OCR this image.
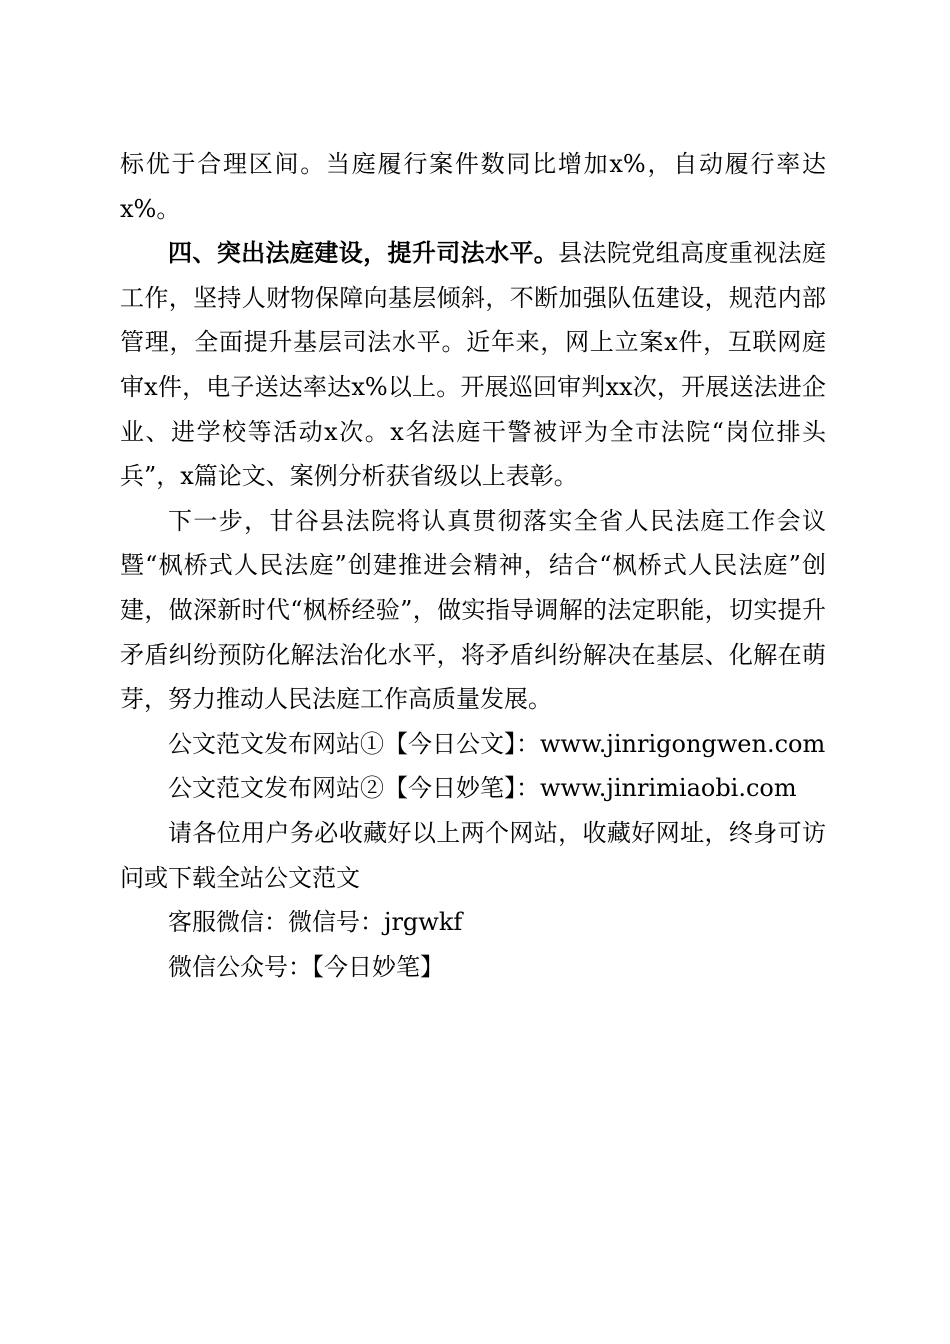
标优于合理区间。当庭履行案件数同比增加x%，自动履行率达x%。

四、突出法庭建设，提升司法水平。县法院党组高度重视法庭工作，坚持人财物保障向基层倾斜，不断加强队伍建设，规范内部管理，全面提升基层司法水平。近年来，网上立案x件，互联网庭审x件，电子送达率达x%以上。开展巡回审判xx次，开展送法进企业、进学校等活动x次。x名法庭干警被评为全市法院“岗位排头兵”，x篇论文、案例分析获省级以上表彰。

下一步，甘谷县法院将认真贯彻落实全省人民法庭工作会议暨“枫桥式人民法庭”创建推进会精神，结合“枫桥式人民法庭”创建，做深新时代“枫桥经验”，做实指导调解的法定职能，切实提升矛盾纠纷预防化解法治化水平，将矛盾纠纷解决在基层、化解在萌芽，努力推动人民法庭工作高质量发展。

公文范文发布网站①【今日公文】：www.jinrigongwen.com

公文范文发布网站②【今日妙笔】：www.jinrimiaobi.com

请各位用户务必收藏好以上两个网站，收藏好网址，终身可访问或下载全站公文范文

客服微信：微信号：jrgwkf

微信公众号：【今日妙笔】
